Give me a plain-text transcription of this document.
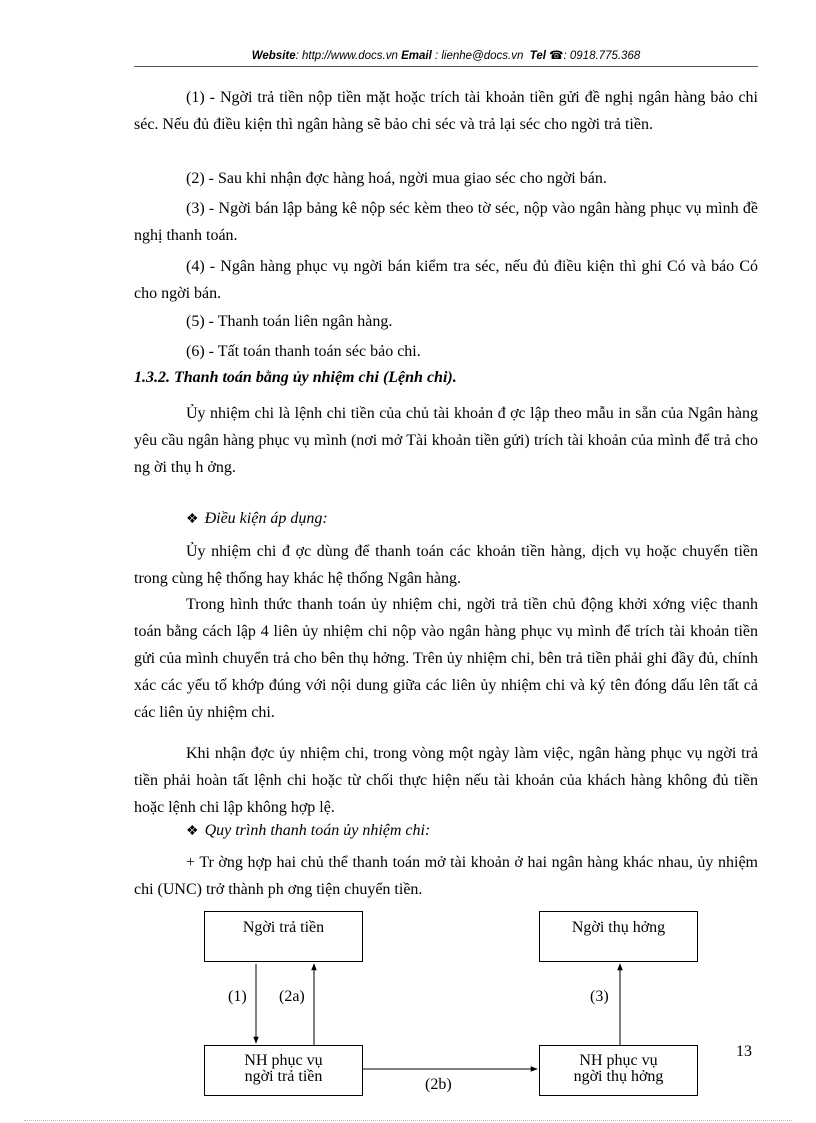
Website: http://www.docs.vn Email : lienhe@docs.vn Tel ☎: 0918.775.368

(1) - Ngời trả tiền nộp tiền mặt hoặc trích tài khoản tiền gửi đề nghị ngân hàng bảo chi séc. Nếu đủ điều kiện thì ngân hàng sẽ bảo chi séc và trả lại séc cho ngời trả tiền.

(2) - Sau khi nhận đợc hàng hoá, ngời mua giao séc cho ngời bán.

(3) - Ngời bán lập bảng kê nộp séc kèm theo tờ séc, nộp vào ngân hàng phục vụ mình đề nghị thanh toán.

(4) - Ngân hàng phục vụ ngời bán kiểm tra séc, nếu đủ điều kiện thì ghi Có và báo Có cho ngời bán.

(5) - Thanh toán liên ngân hàng.

(6) - Tất toán thanh toán séc bảo chi.

1.3.2. Thanh toán bằng ủy nhiệm chi (Lệnh chi).

Ủy nhiệm chi là lệnh chi tiền của chủ tài khoản đ ợc lập theo mẫu in sẵn của Ngân hàng yêu cầu ngân hàng phục vụ mình (nơi mở Tài khoản tiền gửi) trích tài khoản của mình để trả cho ng ời thụ h ởng.

❖ Điều kiện áp dụng:

Ủy nhiệm chi đ ợc dùng để thanh toán các khoản tiền hàng, dịch vụ hoặc chuyển tiền trong cùng hệ thống hay khác hệ thống Ngân hàng.

Trong hình thức thanh toán ủy nhiệm chi, ngời trả tiền chủ động khởi xớng việc thanh toán bằng cách lập 4 liên ủy nhiệm chi nộp vào ngân hàng phục vụ mình để trích tài khoản tiền gửi của mình chuyển trả cho bên thụ hởng. Trên ủy nhiệm chi, bên trả tiền phải ghi đầy đủ, chính xác các yếu tố khớp đúng với nội dung giữa các liên ủy nhiệm chi và ký tên đóng dấu lên tất cả các liên ủy nhiệm chi.

Khi nhận đợc ủy nhiệm chi, trong vòng một ngày làm việc, ngân hàng phục vụ ngời trả tiền phải hoàn tất lệnh chi hoặc từ chối thực hiện nếu tài khoản của khách hàng không đủ tiền hoặc lệnh chi lập không hợp lệ.

❖ Quy trình thanh toán ủy nhiệm chi:

+ Tr ờng hợp hai chủ thể thanh toán mở tài khoản ở hai ngân hàng khác nhau, ủy nhiệm chi (UNC) trở thành ph ơng tiện chuyển tiền.

Ngời trả tiền	Ngời thụ hởng
NH phục vụ
ngời trả tiền
NH phục vụ
ngời thụ hởng
(1) (2a)
(2b)
(3)
13
